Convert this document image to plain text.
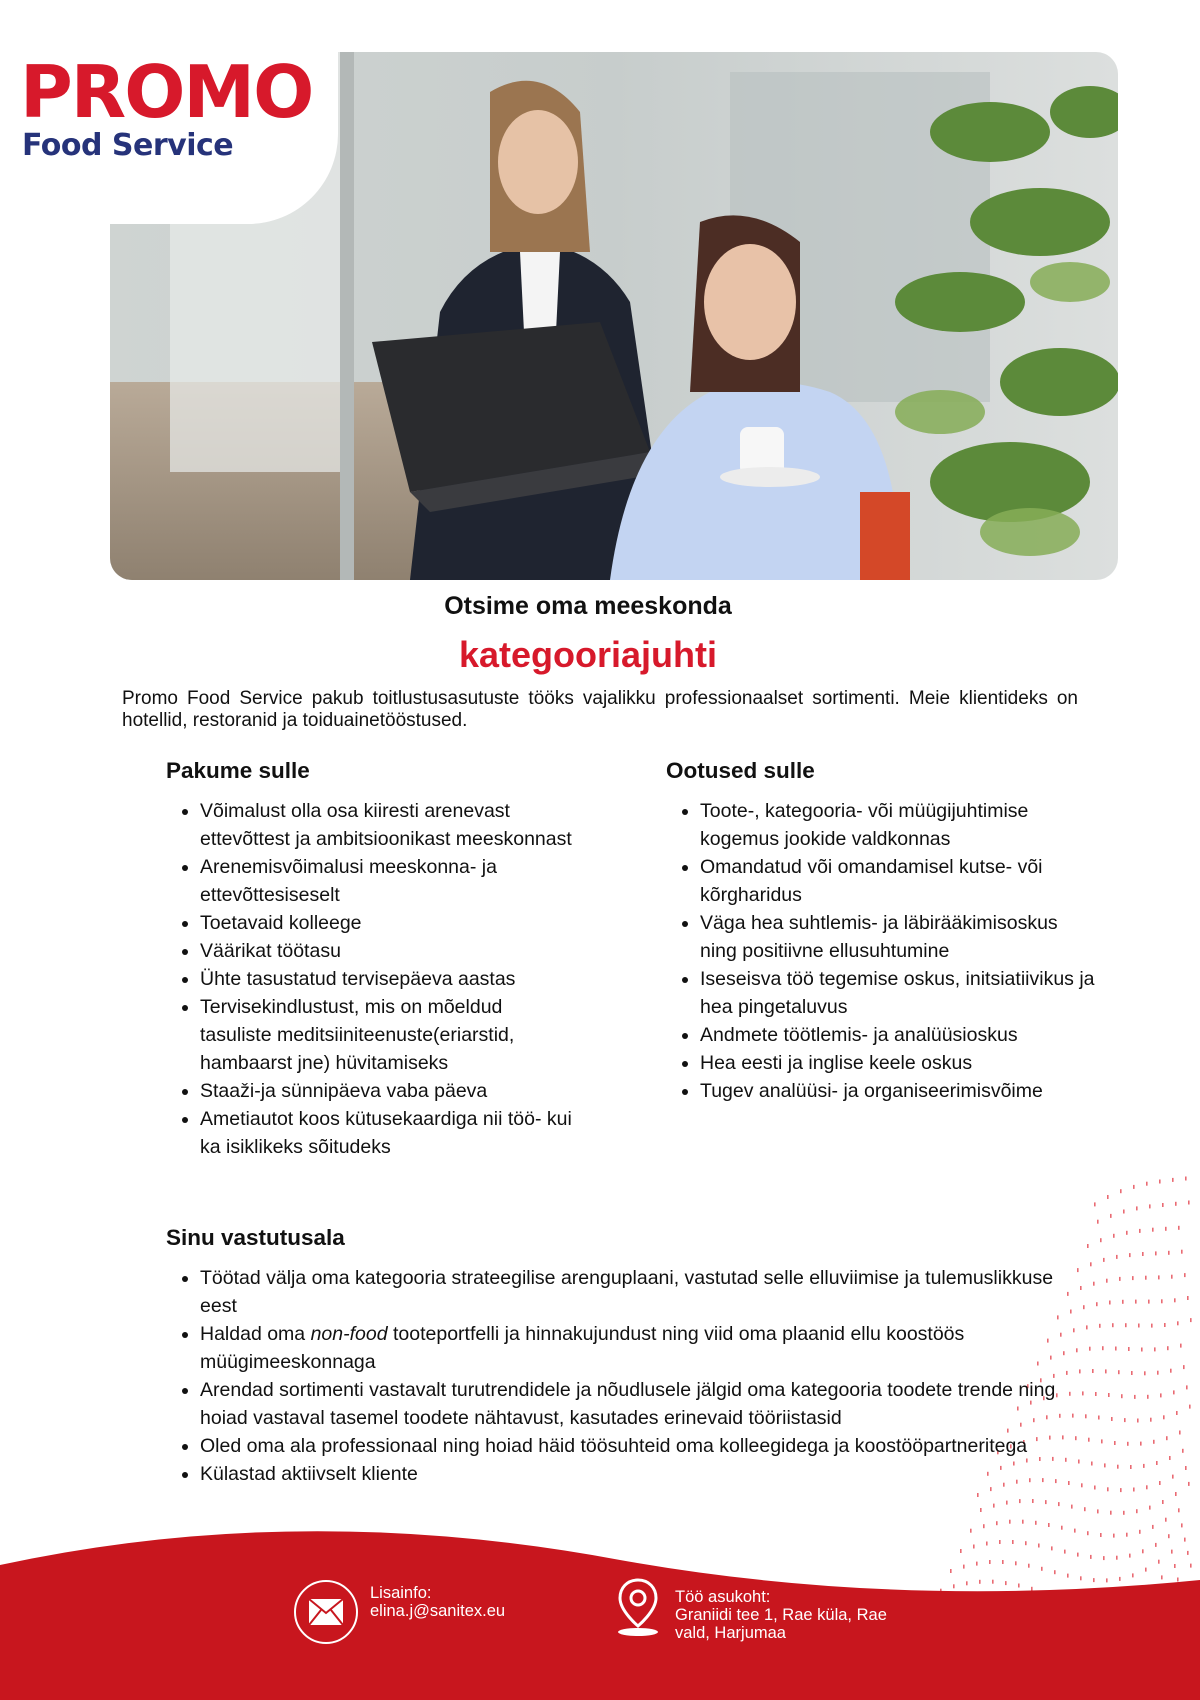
PROMO
Food Service
Otsime oma meeskonda
kategooriajuhti
Promo Food Service pakub toitlustusasutuste tööks vajalikku professionaalset sortimenti. Meie klientideks on hotellid, restoranid ja toiduainetööstused.
Pakume sulle
• Võimalust olla osa kiiresti arenevast ettevõttest ja ambitsioonikast meeskonnast
• Arenemisvõimalusi meeskonna- ja ettevõttesiseselt
• Toetavaid kolleege
• Väärikat töötasu
• Ühte tasustatud tervisepäeva aastas
• Tervisekindlustust, mis on mõeldud tasuliste meditsiiniteenuste(eriarstid, hambaarst jne) hüvitamiseks
• Staaži-ja sünnipäeva vaba päeva
• Ametiautot koos kütusekaardiga nii töö- kui ka isiklikeks sõitudeks
Ootused sulle
• Toote-, kategooria- või müügijuhtimise kogemus jookide valdkonnas
• Omandatud või omandamisel kutse- või kõrgharidus
• Väga hea suhtlemis- ja läbirääkimisoskus ning positiivne ellusuhtumine
• Iseseisva töö tegemise oskus, initsiatiivikus ja hea pingetaluvus
• Andmete töötlemis- ja analüüsioskus
• Hea eesti ja inglise keele oskus
• Tugev analüüsi- ja organiseerimisvõime
Sinu vastutusala
• Töötad välja oma kategooria strateegilise arenguplaani, vastutad selle elluviimise ja tulemuslikkuse eest
• Haldad oma non-food tooteportfelli ja hinnakujundust ning viid oma plaanid ellu koostöös müügimeeskonnaga
• Arendad sortimenti vastavalt turutrendidele ja nõudlusele jälgid oma kategooria toodete trende ning hoiad vastaval tasemel toodete nähtavust, kasutades erinevaid tööriistasid
• Oled oma ala professionaal ning hoiad häid töösuhteid oma kolleegidega ja koostööpartneritega
• Külastad aktiivselt kliente
Lisainfo:
elina.j@sanitex.eu
Töö asukoht:
Graniidi tee 1, Rae küla, Rae vald, Harjumaa
